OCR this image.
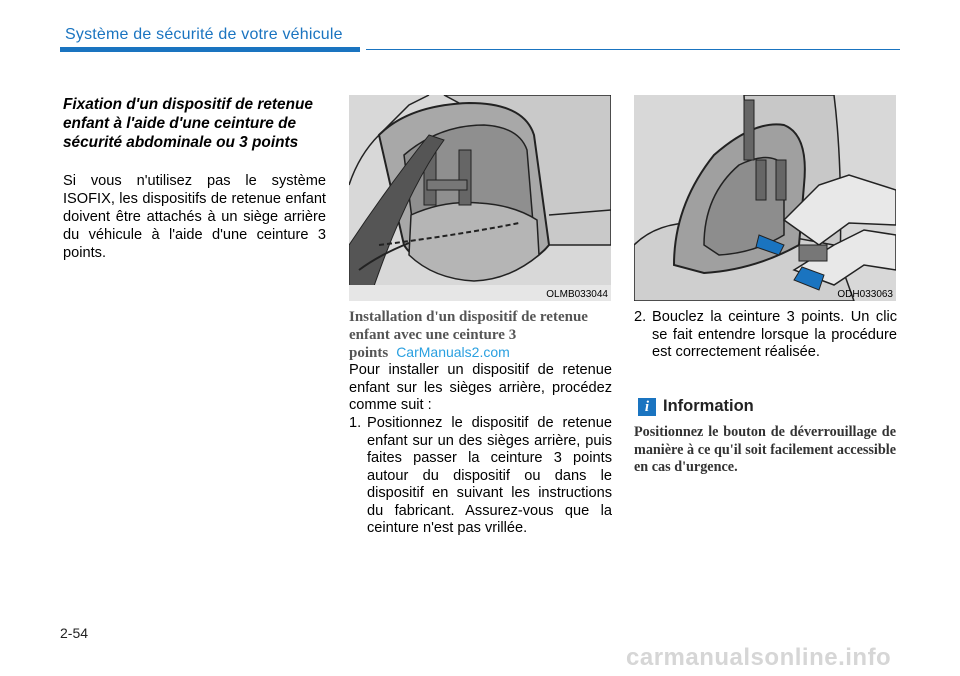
Système de sécurité de votre véhicule
Fixation d'un dispositif de retenue enfant à l'aide d'une ceinture de sécurité abdominale ou 3 points
Si vous n'utilisez pas le système ISOFIX, les dispositifs de retenue enfant doivent être attachés à un siège arrière du véhicule à l'aide d'une ceinture 3 points.
OLMB033044	ODH033063
Installation d'un dispositif de retenue enfant avec une ceinture 3 points CarManuals2.com
Pour installer un dispositif de retenue enfant sur les sièges arrière, procédez comme suit :
1. Positionnez le dispositif de retenue enfant sur un des sièges arrière, puis faites passer la ceinture 3 points autour du dispositif ou dans le dispositif en suivant les instructions du fabricant. Assurez-vous que la ceinture n'est pas vrillée.
2. Bouclez la ceinture 3 points. Un clic se fait entendre lorsque la procédure est correctement réalisée.
i Information
Positionnez le bouton de déverrouillage de manière à ce qu'il soit facilement accessible en cas d'urgence.
2-54
carmanualsonline.info
